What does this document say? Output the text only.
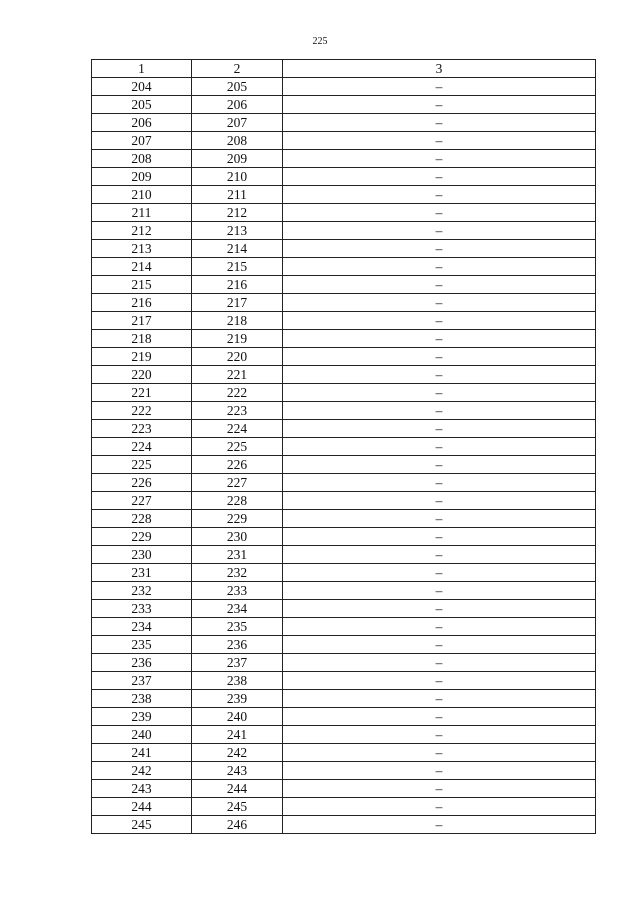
225
1	2	3
204	205	–
205	206	–
206	207	–
207	208	–
208	209	–
209	210	–
210	211	–
211	212	–
212	213	–
213	214	–
214	215	–
215	216	–
216	217	–
217	218	–
218	219	–
219	220	–
220	221	–
221	222	–
222	223	–
223	224	–
224	225	–
225	226	–
226	227	–
227	228	–
228	229	–
229	230	–
230	231	–
231	232	–
232	233	–
233	234	–
234	235	–
235	236	–
236	237	–
237	238	–
238	239	–
239	240	–
240	241	–
241	242	–
242	243	–
243	244	–
244	245	–
245	246	–
